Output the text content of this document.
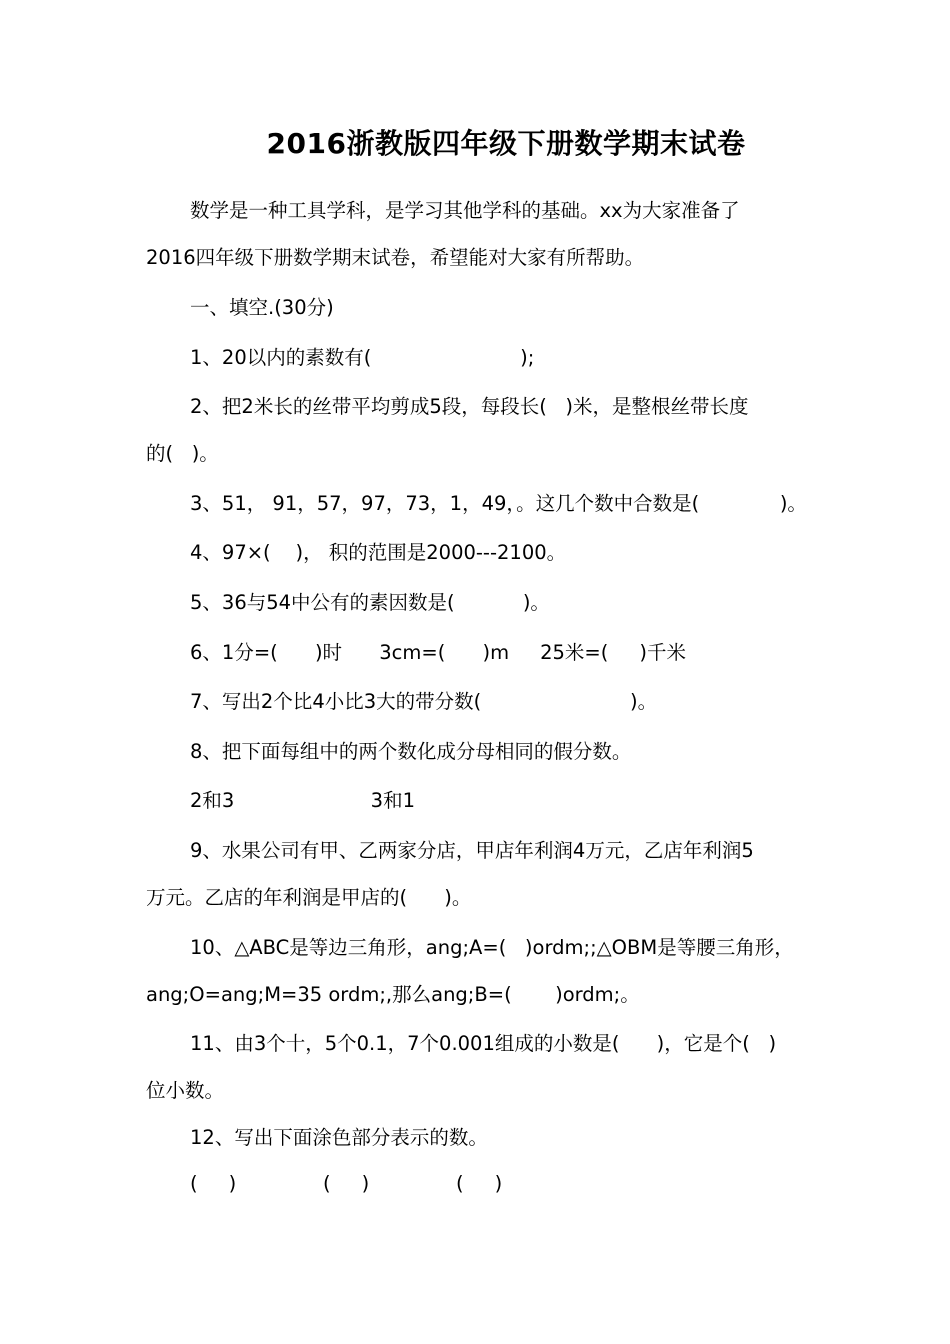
2016浙教版四年级下册数学期末试卷
数学是一种工具学科，是学习其他学科的基础。xx为大家准备了
2016四年级下册数学期末试卷，希望能对大家有所帮助。
一、填空.(30分)
1、20以内的素数有(                        );
2、把2米长的丝带平均剪成5段，每段长(   )米，是整根丝带长度
的(   )。
3、51， 91，57，97，73，1，49，。这几个数中合数是(             )。
4、97×(    )， 积的范围是2000---2100。
5、36与54中公有的素因数是(           )。
6、1分=(      )时      3cm=(      )m     25米=(     )千米
7、写出2个比4小比3大的带分数(                        )。
8、把下面每组中的两个数化成分母相同的假分数。
2和3                      3和1
9、水果公司有甲、乙两家分店，甲店年利润4万元，乙店年利润5
万元。乙店的年利润是甲店的(      )。
10、△ABC是等边三角形，ang;A=(   )ordm;;△OBM是等腰三角形，
ang;O=ang;M=35 ordm;,那么ang;B=(       )ordm;。
11、由3个十，5个0.1，7个0.001组成的小数是(      )，它是个(   )
位小数。
12、写出下面涂色部分表示的数。
(     )              (     )              (     )
